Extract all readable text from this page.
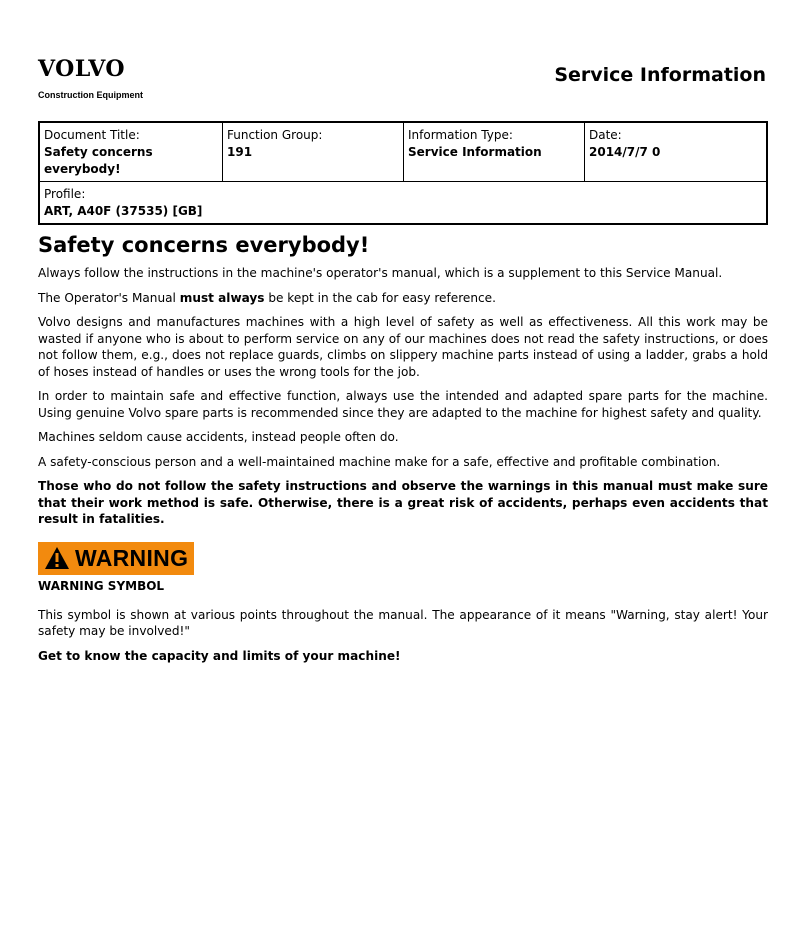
VOLVO
Construction Equipment
Service Information
Document Title:
Safety concerns everybody!
Function Group:
191
Information Type:
Service Information
Date:
2014/7/7 0
Profile:
ART, A40F (37535) [GB]
Safety concerns everybody!

Always follow the instructions in the machine's operator's manual, which is a supplement to this Service Manual.

The Operator's Manual must always be kept in the cab for easy reference.

Volvo designs and manufactures machines with a high level of safety as well as effectiveness. All this work may be wasted if anyone who is about to perform service on any of our machines does not read the safety instructions, or does not follow them, e.g., does not replace guards, climbs on slippery machine parts instead of using a ladder, grabs a hold of hoses instead of handles or uses the wrong tools for the job.

In order to maintain safe and effective function, always use the intended and adapted spare parts for the machine. Using genuine Volvo spare parts is recommended since they are adapted to the machine for highest safety and quality.

Machines seldom cause accidents, instead people often do.

A safety-conscious person and a well-maintained machine make for a safe, effective and profitable combination.

Those who do not follow the safety instructions and observe the warnings in this manual must make sure that their work method is safe. Otherwise, there is a great risk of accidents, perhaps even accidents that result in fatalities.

WARNING
WARNING SYMBOL

This symbol is shown at various points throughout the manual. The appearance of it means "Warning, stay alert! Your safety may be involved!"

Get to know the capacity and limits of your machine!
